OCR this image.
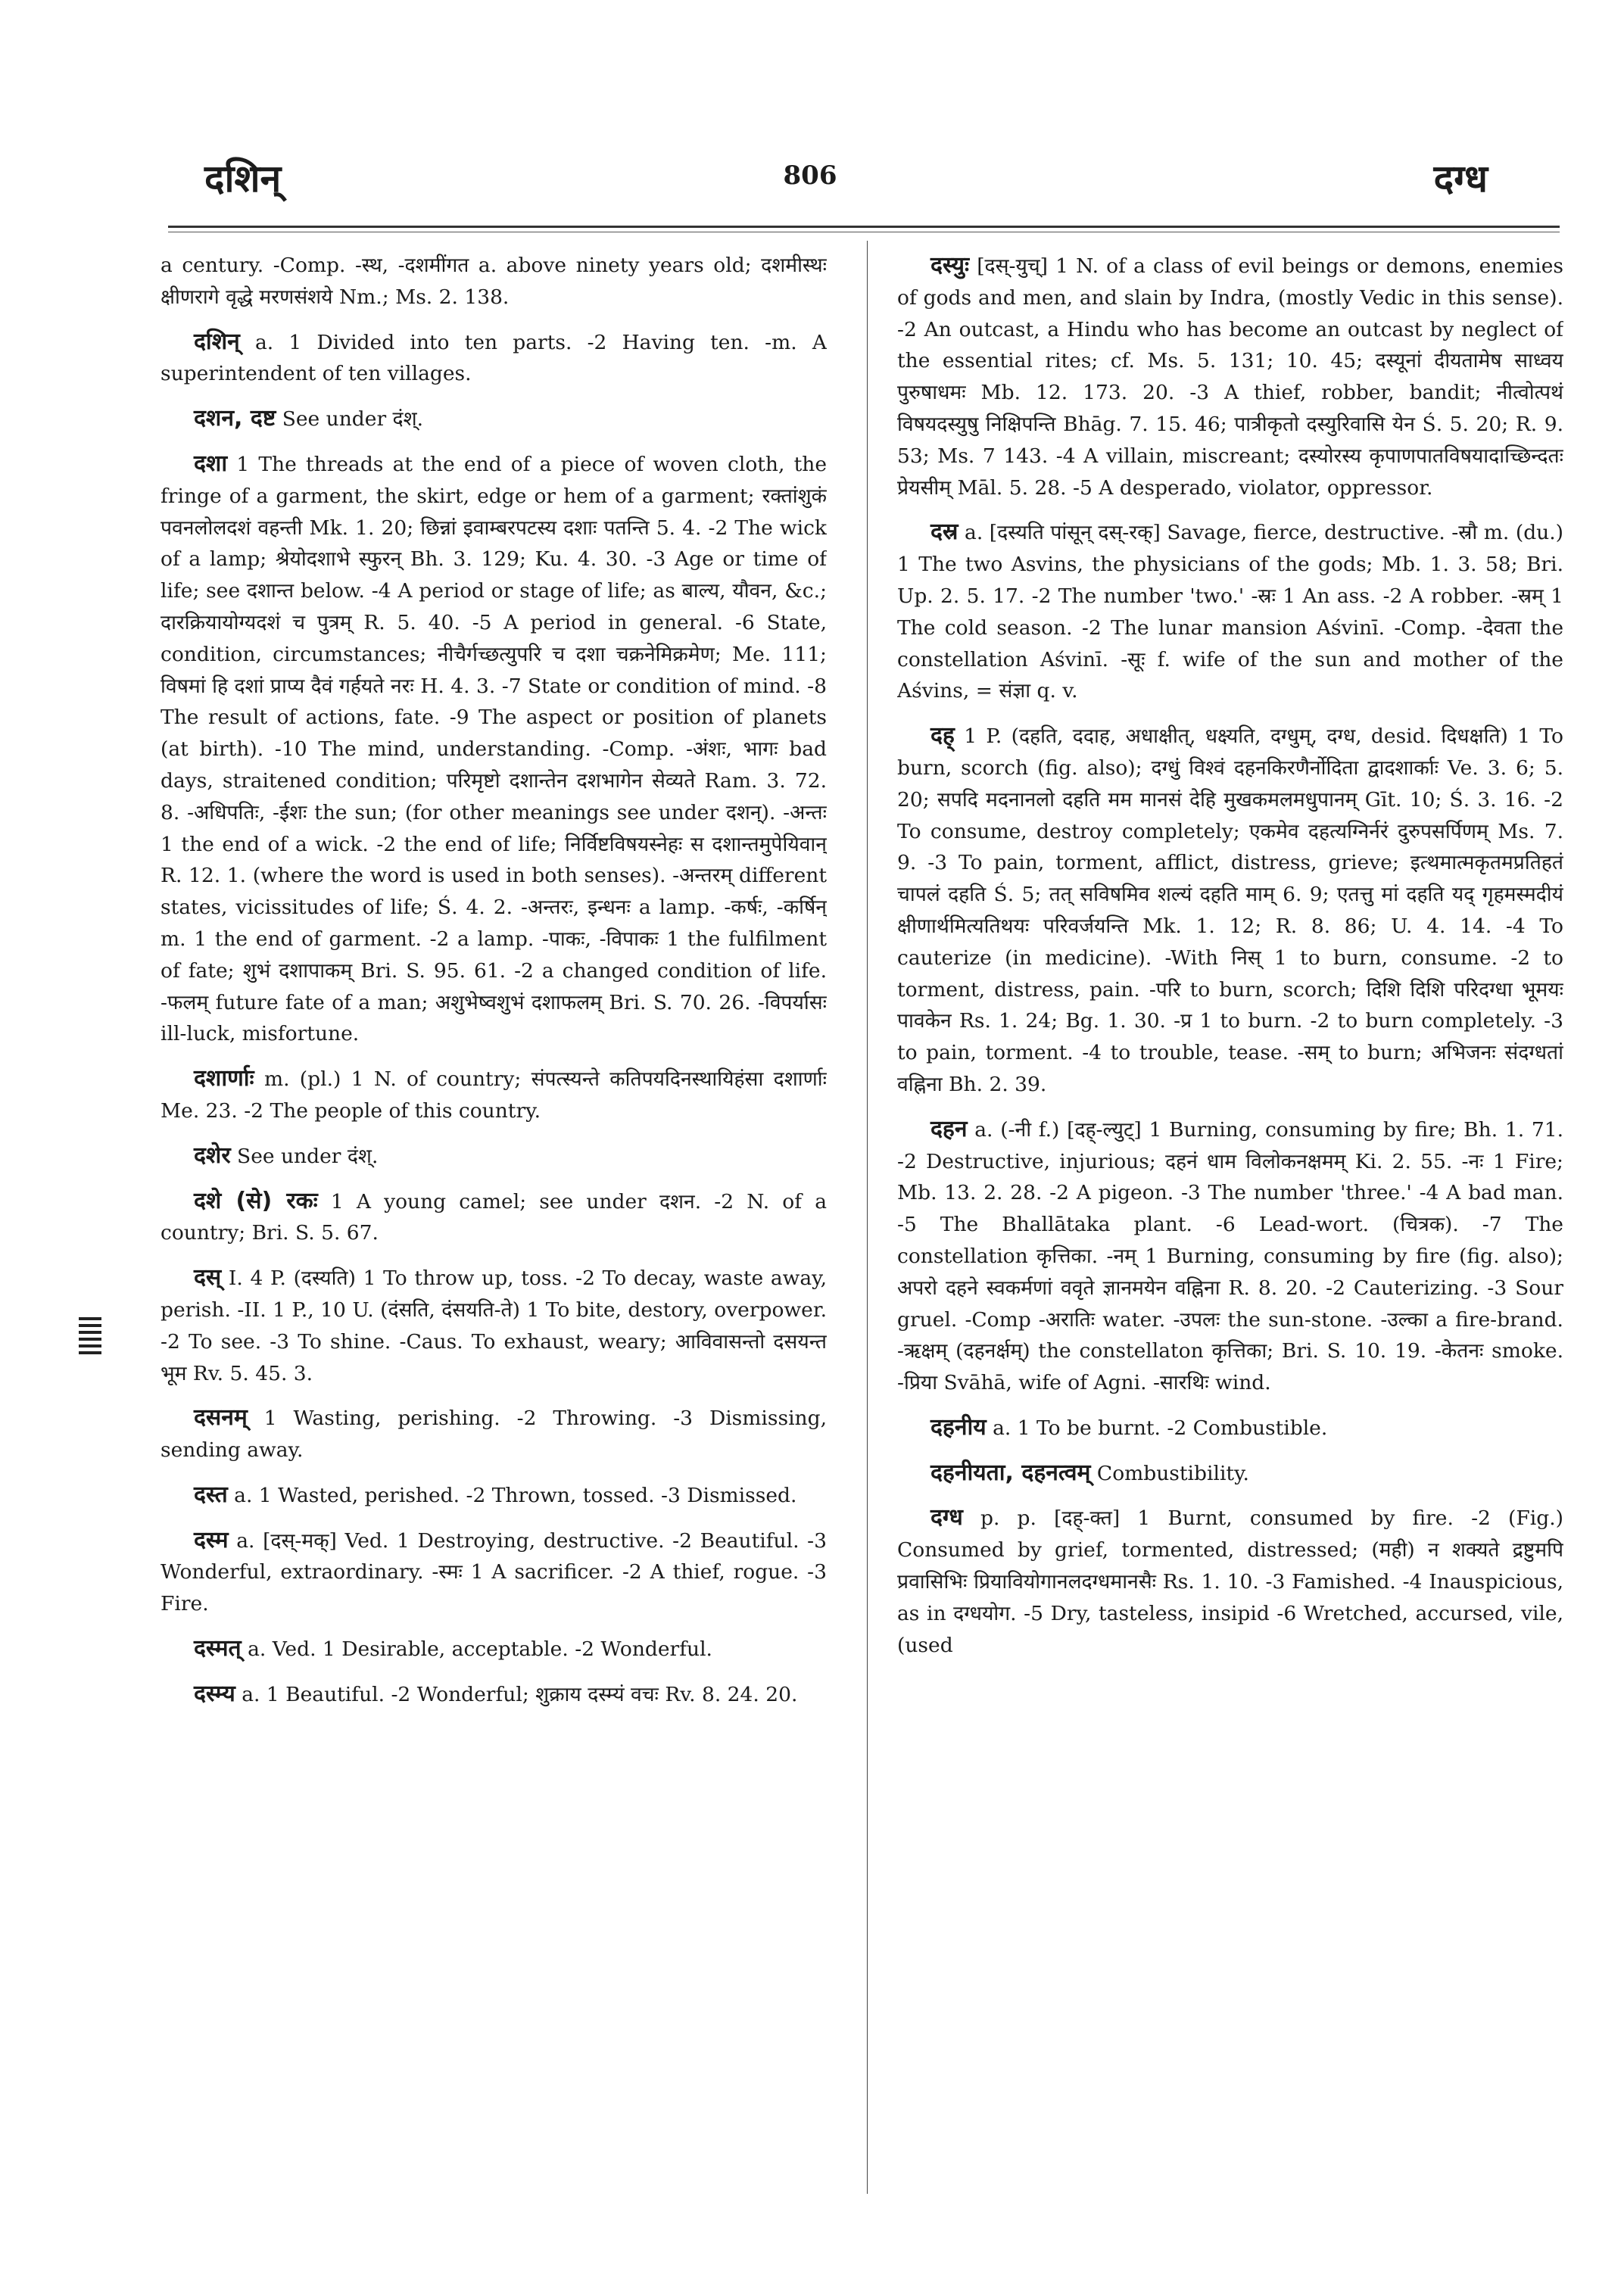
दशिन्	806	दग्ध

a century. -Comp. -स्थ, -दशमींगत a. above ninety years old; दशमीस्थः क्षीणरागे वृद्धे मरणसंशये Nm.; Ms. 2. 138.

दशिन् a. 1 Divided into ten parts. -2 Having ten. -m. A superintendent of ten villages.

दशन, दष्ट See under दंश्.

दशा 1 The threads at the end of a piece of woven cloth, the fringe of a garment, the skirt, edge or hem of a garment; रक्तांशुकं पवनलोलदशं वहन्ती Mk. 1. 20; छिन्नां इवाम्बरपटस्य दशाः पतन्ति 5. 4. -2 The wick of a lamp; श्रेयोदशाभे स्फुरन् Bh. 3. 129; Ku. 4. 30. -3 Age or time of life; see दशान्त below. -4 A period or stage of life; as बाल्य, यौवन, &c.; दारक्रियायोग्यदशं च पुत्रम् R. 5. 40. -5 A period in general. -6 State, condition, circumstances; नीचैर्गच्छत्युपरि च दशा चक्रनेमिक्रमेण; Me. 111; विषमां हि दशां प्राप्य दैवं गर्हयते नरः H. 4. 3. -7 State or condition of mind. -8 The result of actions, fate. -9 The aspect or position of planets (at birth). -10 The mind, understanding. -Comp. -अंशः, भागः bad days, straitened condition; परिमृष्टो दशान्तेन दशभागेन सेव्यते Ram. 3. 72. 8. -अधिपतिः, -ईशः the sun; (for other meanings see under दशन्). -अन्तः 1 the end of a wick. -2 the end of life; निर्विष्टविषयस्नेहः स दशान्तमुपेयिवान् R. 12. 1. (where the word is used in both senses). -अन्तरम् different states, vicissitudes of life; Ś. 4. 2. -अन्तरः, इन्धनः a lamp. -कर्षः, -कर्षिन् m. 1 the end of garment. -2 a lamp. -पाकः, -विपाकः 1 the fulfilment of fate; शुभं दशापाकम् Bri. S. 95. 61. -2 a changed condition of life. -फलम् future fate of a man; अशुभेष्वशुभं दशाफलम् Bri. S. 70. 26. -विपर्यासः ill-luck, misfortune.

दशार्णाः m. (pl.) 1 N. of country; संपत्स्यन्ते कतिपयदिनस्थायिहंसा दशार्णाः Me. 23. -2 The people of this country.

दशेर See under दंश्.

दशे (से) रकः 1 A young camel; see under दशन. -2 N. of a country; Bri. S. 5. 67.

दस् I. 4 P. (दस्यति) 1 To throw up, toss. -2 To decay, waste away, perish. -II. 1 P., 10 U. (दंसति, दंसयति-ते) 1 To bite, destory, overpower. -2 To see. -3 To shine. -Caus. To exhaust, weary; आविवासन्तो दसयन्त भूम Rv. 5. 45. 3.

दसनम् 1 Wasting, perishing. -2 Throwing. -3 Dismissing, sending away.

दस्त a. 1 Wasted, perished. -2 Thrown, tossed. -3 Dismissed.

दस्म a. [दस्-मक्] Ved. 1 Destroying, destructive. -2 Beautiful. -3 Wonderful, extraordinary. -स्मः 1 A sacrificer. -2 A thief, rogue. -3 Fire.

दस्मत् a. Ved. 1 Desirable, acceptable. -2 Wonderful.

दस्म्य a. 1 Beautiful. -2 Wonderful; शुक्राय दस्म्यं वचः Rv. 8. 24. 20.

दस्युः [दस्-युच्] 1 N. of a class of evil beings or demons, enemies of gods and men, and slain by Indra, (mostly Vedic in this sense). -2 An outcast, a Hindu who has become an outcast by neglect of the essential rites; cf. Ms. 5. 131; 10. 45; दस्यूनां दीयतामेष साध्वय पुरुषाधमः Mb. 12. 173. 20. -3 A thief, robber, bandit; नीत्वोत्पथं विषयदस्युषु निक्षिपन्ति Bhāg. 7. 15. 46; पात्रीकृतो दस्युरिवासि येन Ś. 5. 20; R. 9. 53; Ms. 7 143. -4 A villain, miscreant; दस्योरस्य कृपाणपातविषयादाच्छिन्दतः प्रेयसीम् Māl. 5. 28. -5 A desperado, violator, oppressor.

दस्र a. [दस्यति पांसून् दस्-रक्] Savage, fierce, destructive. -स्रौ m. (du.) 1 The two Asvins, the physicians of the gods; Mb. 1. 3. 58; Bri. Up. 2. 5. 17. -2 The number 'two.' -स्रः 1 An ass. -2 A robber. -स्रम् 1 The cold season. -2 The lunar mansion Aśvinī. -Comp. -देवता the constellation Aśvinī. -सूः f. wife of the sun and mother of the Aśvins, = संज्ञा q. v.

दह् 1 P. (दहति, ददाह, अधाक्षीत्, धक्ष्यति, दग्धुम्, दग्ध, desid. दिधक्षति) 1 To burn, scorch (fig. also); दग्धुं विश्वं दहनकिरणैर्नोदिता द्वादशार्काः Ve. 3. 6; 5. 20; सपदि मदनानलो दहति मम मानसं देहि मुखकमलमधुपानम् Gīt. 10; Ś. 3. 16. -2 To consume, destroy completely; एकमेव दहत्यग्निर्नरं दुरुपसर्पिणम् Ms. 7. 9. -3 To pain, torment, afflict, distress, grieve; इत्थमात्मकृतमप्रतिहतं चापलं दहति Ś. 5; तत् सविषमिव शल्यं दहति माम् 6. 9; एतत्तु मां दहति यद् गृहमस्मदीयं क्षीणार्थमित्यतिथयः परिवर्जयन्ति Mk. 1. 12; R. 8. 86; U. 4. 14. -4 To cauterize (in medicine). -With निस् 1 to burn, consume. -2 to torment, distress, pain. -परि to burn, scorch; दिशि दिशि परिदग्धा भूमयः पावकेन Rs. 1. 24; Bg. 1. 30. -प्र 1 to burn. -2 to burn completely. -3 to pain, torment. -4 to trouble, tease. -सम् to burn; अभिजनः संदग्धतां वह्निना Bh. 2. 39.

दहन a. (-नी f.) [दह्-ल्युट्] 1 Burning, consuming by fire; Bh. 1. 71. -2 Destructive, injurious; दहनं धाम विलोकनक्षमम् Ki. 2. 55. -नः 1 Fire; Mb. 13. 2. 28. -2 A pigeon. -3 The number 'three.' -4 A bad man. -5 The Bhallātaka plant. -6 Lead-wort. (चित्रक). -7 The constellation कृत्तिका. -नम् 1 Burning, consuming by fire (fig. also); अपरो दहने स्वकर्मणां ववृते ज्ञानमयेन वह्निना R. 8. 20. -2 Cauterizing. -3 Sour gruel. -Comp -अरातिः water. -उपलः the sun-stone. -उल्का a fire-brand. -ऋक्षम् (दहनर्क्षम्) the constellaton कृत्तिका; Bri. S. 10. 19. -केतनः smoke. -प्रिया Svāhā, wife of Agni. -सारथिः wind.

दहनीय a. 1 To be burnt. -2 Combustible.

दहनीयता, दहनत्वम् Combustibility.

दग्ध p. p. [दह्-क्त] 1 Burnt, consumed by fire. -2 (Fig.) Consumed by grief, tormented, distressed; (मही) न शक्यते द्रष्टुमपि प्रवासिभिः प्रियावियोगानलदग्धमानसैः Rs. 1. 10. -3 Famished. -4 Inauspicious, as in दग्धयोग. -5 Dry, tasteless, insipid -6 Wretched, accursed, vile, (used
